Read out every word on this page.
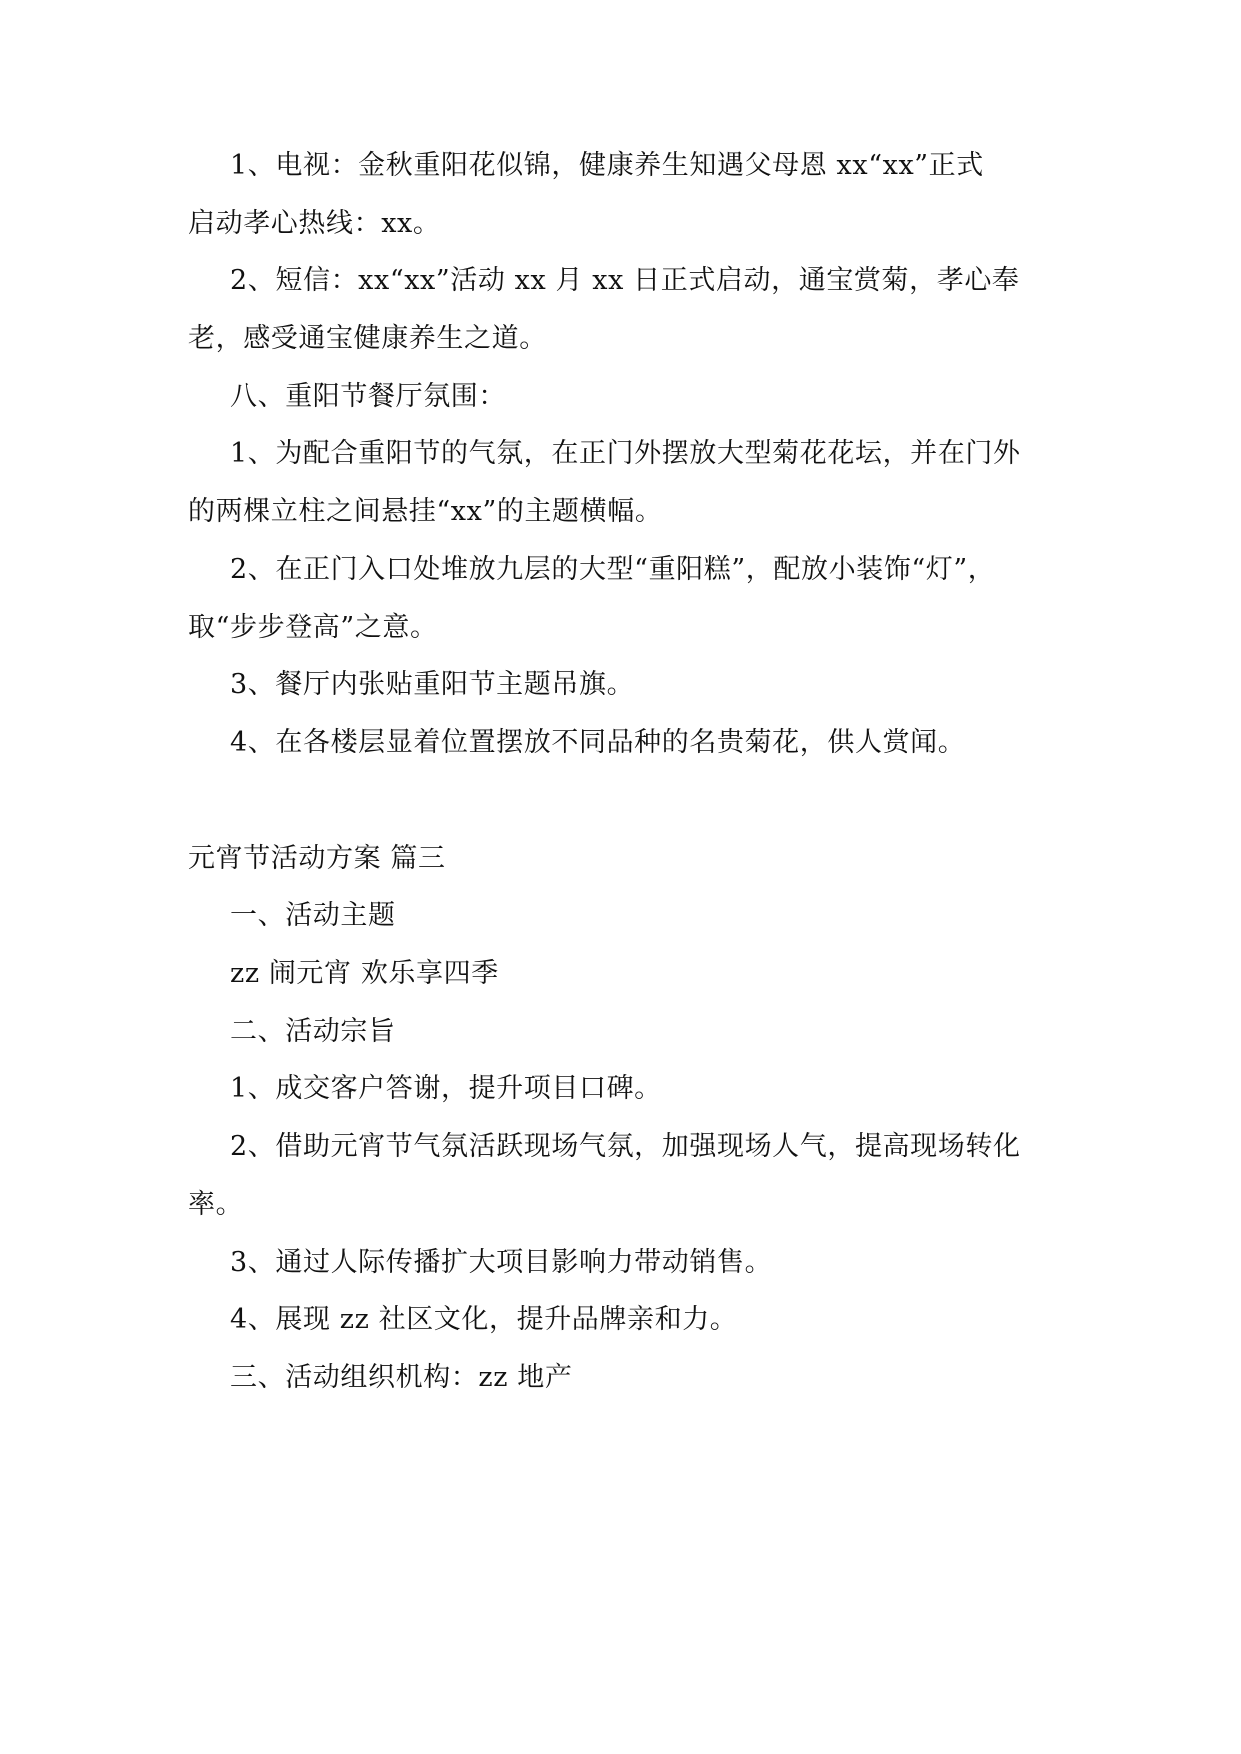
1、电视：金秋重阳花似锦，健康养生知遇父母恩 xx“xx”正式
启动孝心热线：xx。
2、短信：xx“xx”活动 xx 月 xx 日正式启动，通宝赏菊，孝心奉
老，感受通宝健康养生之道。
八、重阳节餐厅氛围：
1、为配合重阳节的气氛，在正门外摆放大型菊花花坛，并在门外
的两棵立柱之间悬挂“xx”的主题横幅。
2、在正门入口处堆放九层的大型“重阳糕”，配放小装饰“灯”，
取“步步登高”之意。
3、餐厅内张贴重阳节主题吊旗。
4、在各楼层显着位置摆放不同品种的名贵菊花，供人赏闻。
元宵节活动方案 篇三
一、活动主题
zz 闹元宵 欢乐享四季
二、活动宗旨
1、成交客户答谢，提升项目口碑。
2、借助元宵节气氛活跃现场气氛，加强现场人气，提高现场转化
率。
3、通过人际传播扩大项目影响力带动销售。
4、展现 zz 社区文化，提升品牌亲和力。
三、活动组织机构：zz 地产
